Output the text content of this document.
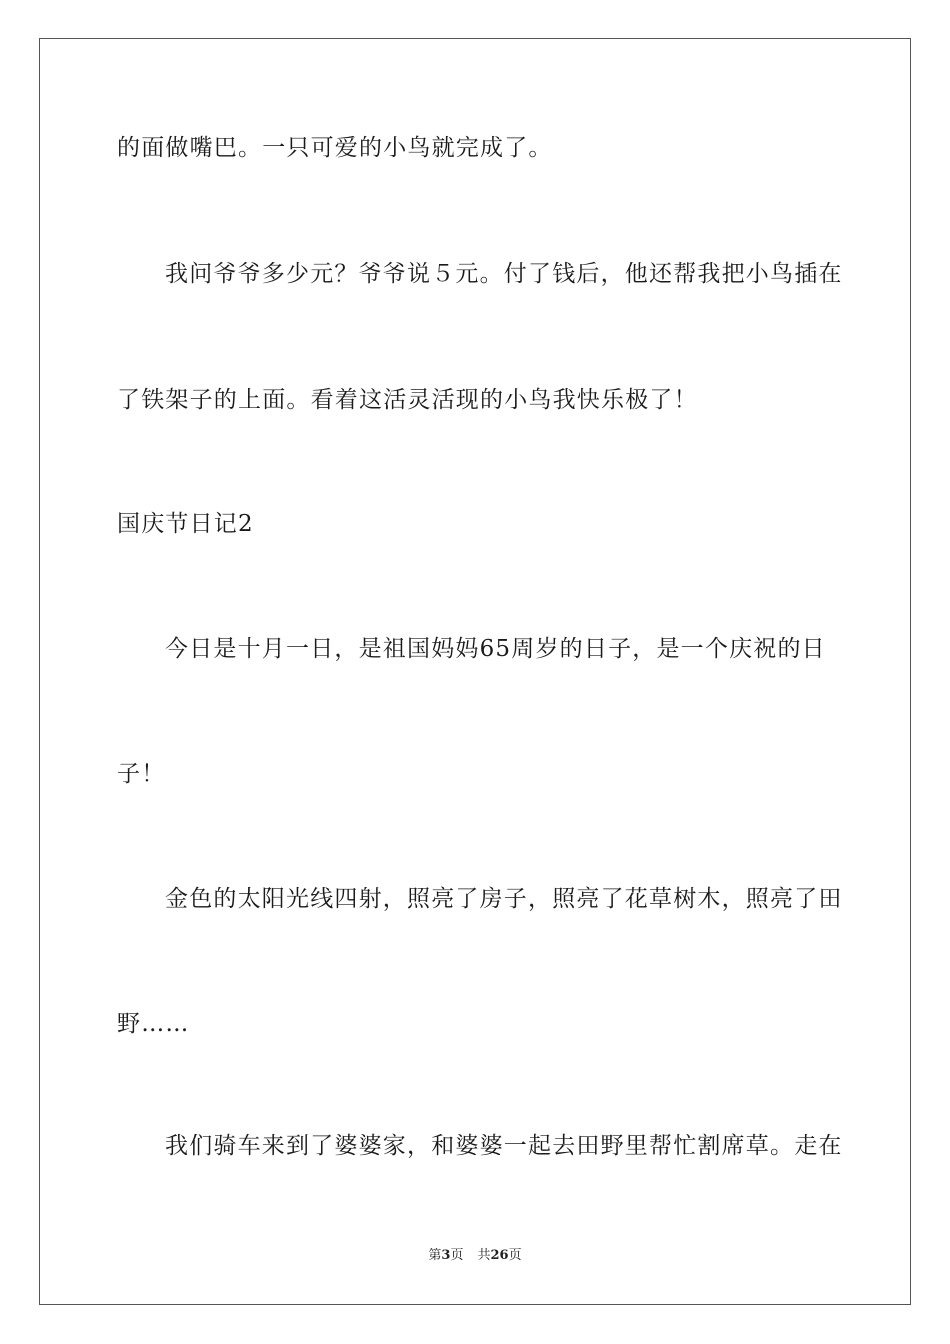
的面做嘴巴。一只可爱的小鸟就完成了。
我问爷爷多少元？爷爷说５元。付了钱后，他还帮我把小鸟插在
了铁架子的上面。看着这活灵活现的小鸟我快乐极了！
国庆节日记2
今日是十月一日，是祖国妈妈65周岁的日子，是一个庆祝的日
子！
金色的太阳光线四射，照亮了房子，照亮了花草树木，照亮了田
野……
我们骑车来到了婆婆家，和婆婆一起去田野里帮忙割席草。走在
第3页 共26页
